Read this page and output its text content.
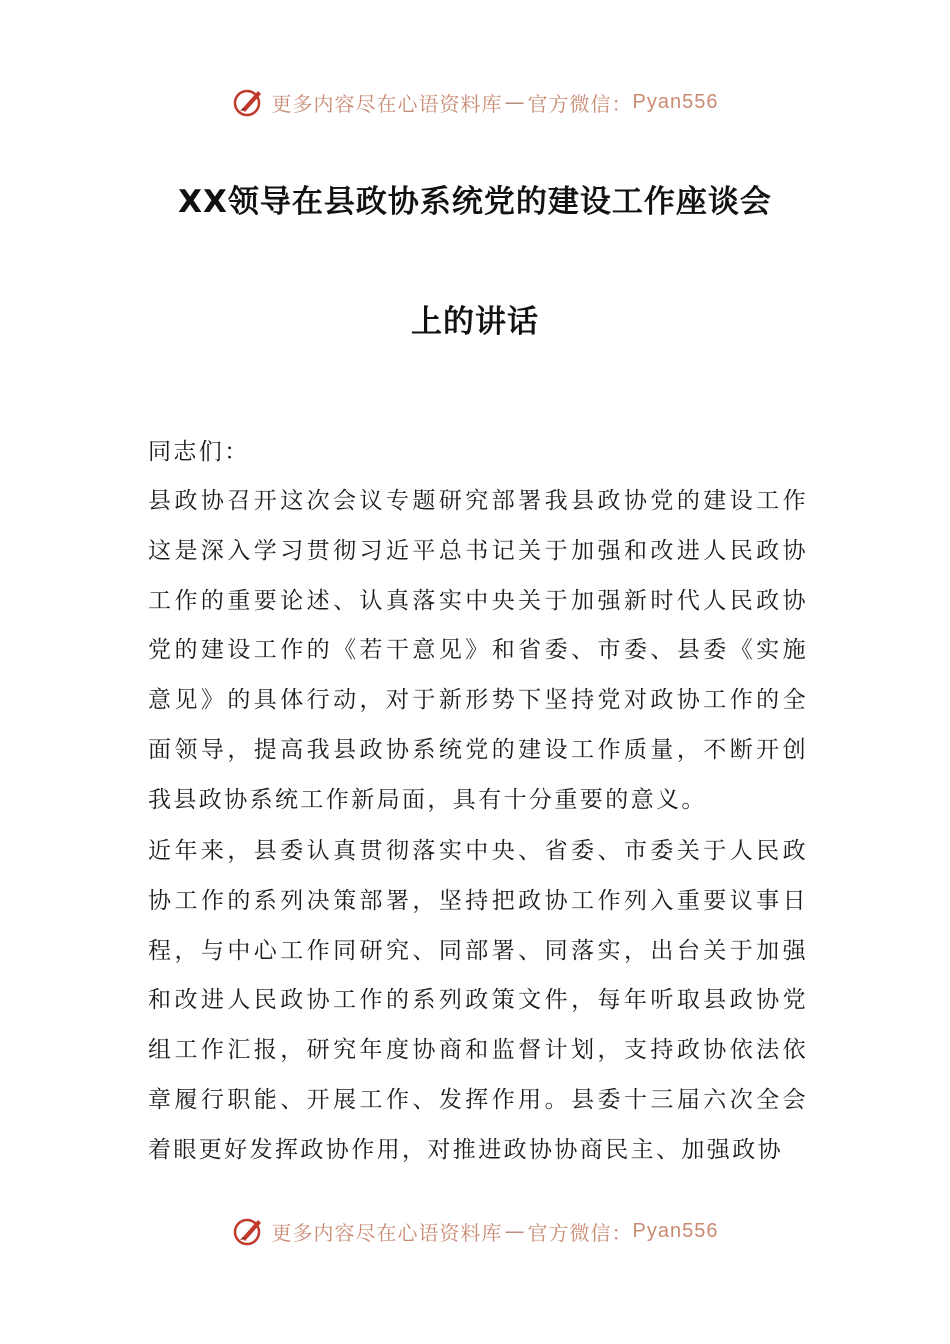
更多内容尽在心语资料库 — 官方微信： Pyan556
XX领导在县政协系统党的建设工作座谈会
上的讲话

同志们：

县政协召开这次会议专题研究部署我县政协党的建设工作这是深入学习贯彻习近平总书记关于加强和改进人民政协工作的重要论述、认真落实中央关于加强新时代人民政协党的建设工作的《若干意见》和省委、市委、县委《实施意见》的具体行动，对于新形势下坚持党对政协工作的全面领导，提高我县政协系统党的建设工作质量，不断开创我县政协系统工作新局面，具有十分重要的意义。

近年来，县委认真贯彻落实中央、省委、市委关于人民政协工作的系列决策部署，坚持把政协工作列入重要议事日程，与中心工作同研究、同部署、同落实，出台关于加强和改进人民政协工作的系列政策文件，每年听取县政协党组工作汇报，研究年度协商和监督计划，支持政协依法依章履行职能、开展工作、发挥作用。县委十三届六次全会着眼更好发挥政协作用，对推进政协协商民主、加强政协

更多内容尽在心语资料库 — 官方微信： Pyan556
